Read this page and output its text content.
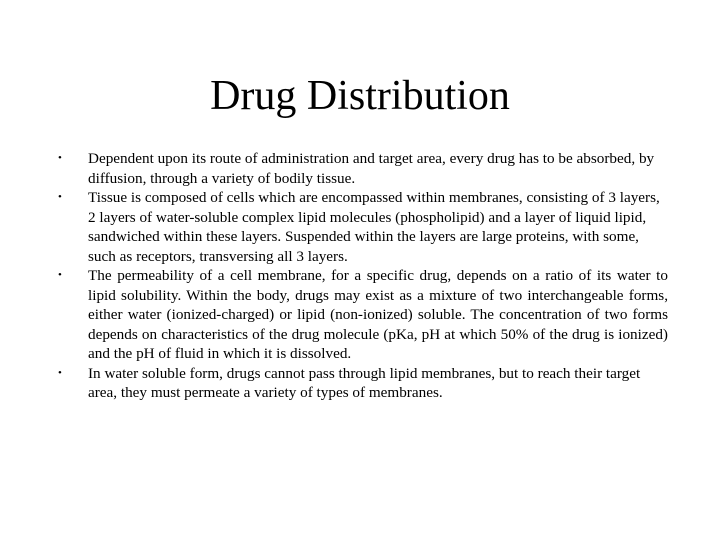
Drug Distribution
• Dependent upon its route of administration and target area, every drug has to be absorbed, by diffusion, through a variety of bodily tissue.
• Tissue is composed of cells which are encompassed within membranes, consisting of 3 layers, 2 layers of water-soluble complex lipid molecules (phospholipid) and a layer of liquid lipid, sandwiched within these layers. Suspended within the layers are large proteins, with some, such as receptors, transversing all 3 layers.
• The permeability of a cell membrane, for a specific drug, depends on a ratio of its water to lipid solubility. Within the body, drugs may exist as a mixture of two interchangeable forms, either water (ionized-charged) or lipid (non-ionized) soluble. The concentration of two forms depends on characteristics of the drug molecule (pKa, pH at which 50% of the drug is ionized) and the pH of fluid in which it is dissolved.
• In water soluble form, drugs cannot pass through lipid membranes, but to reach their target area, they must permeate a variety of types of membranes.
